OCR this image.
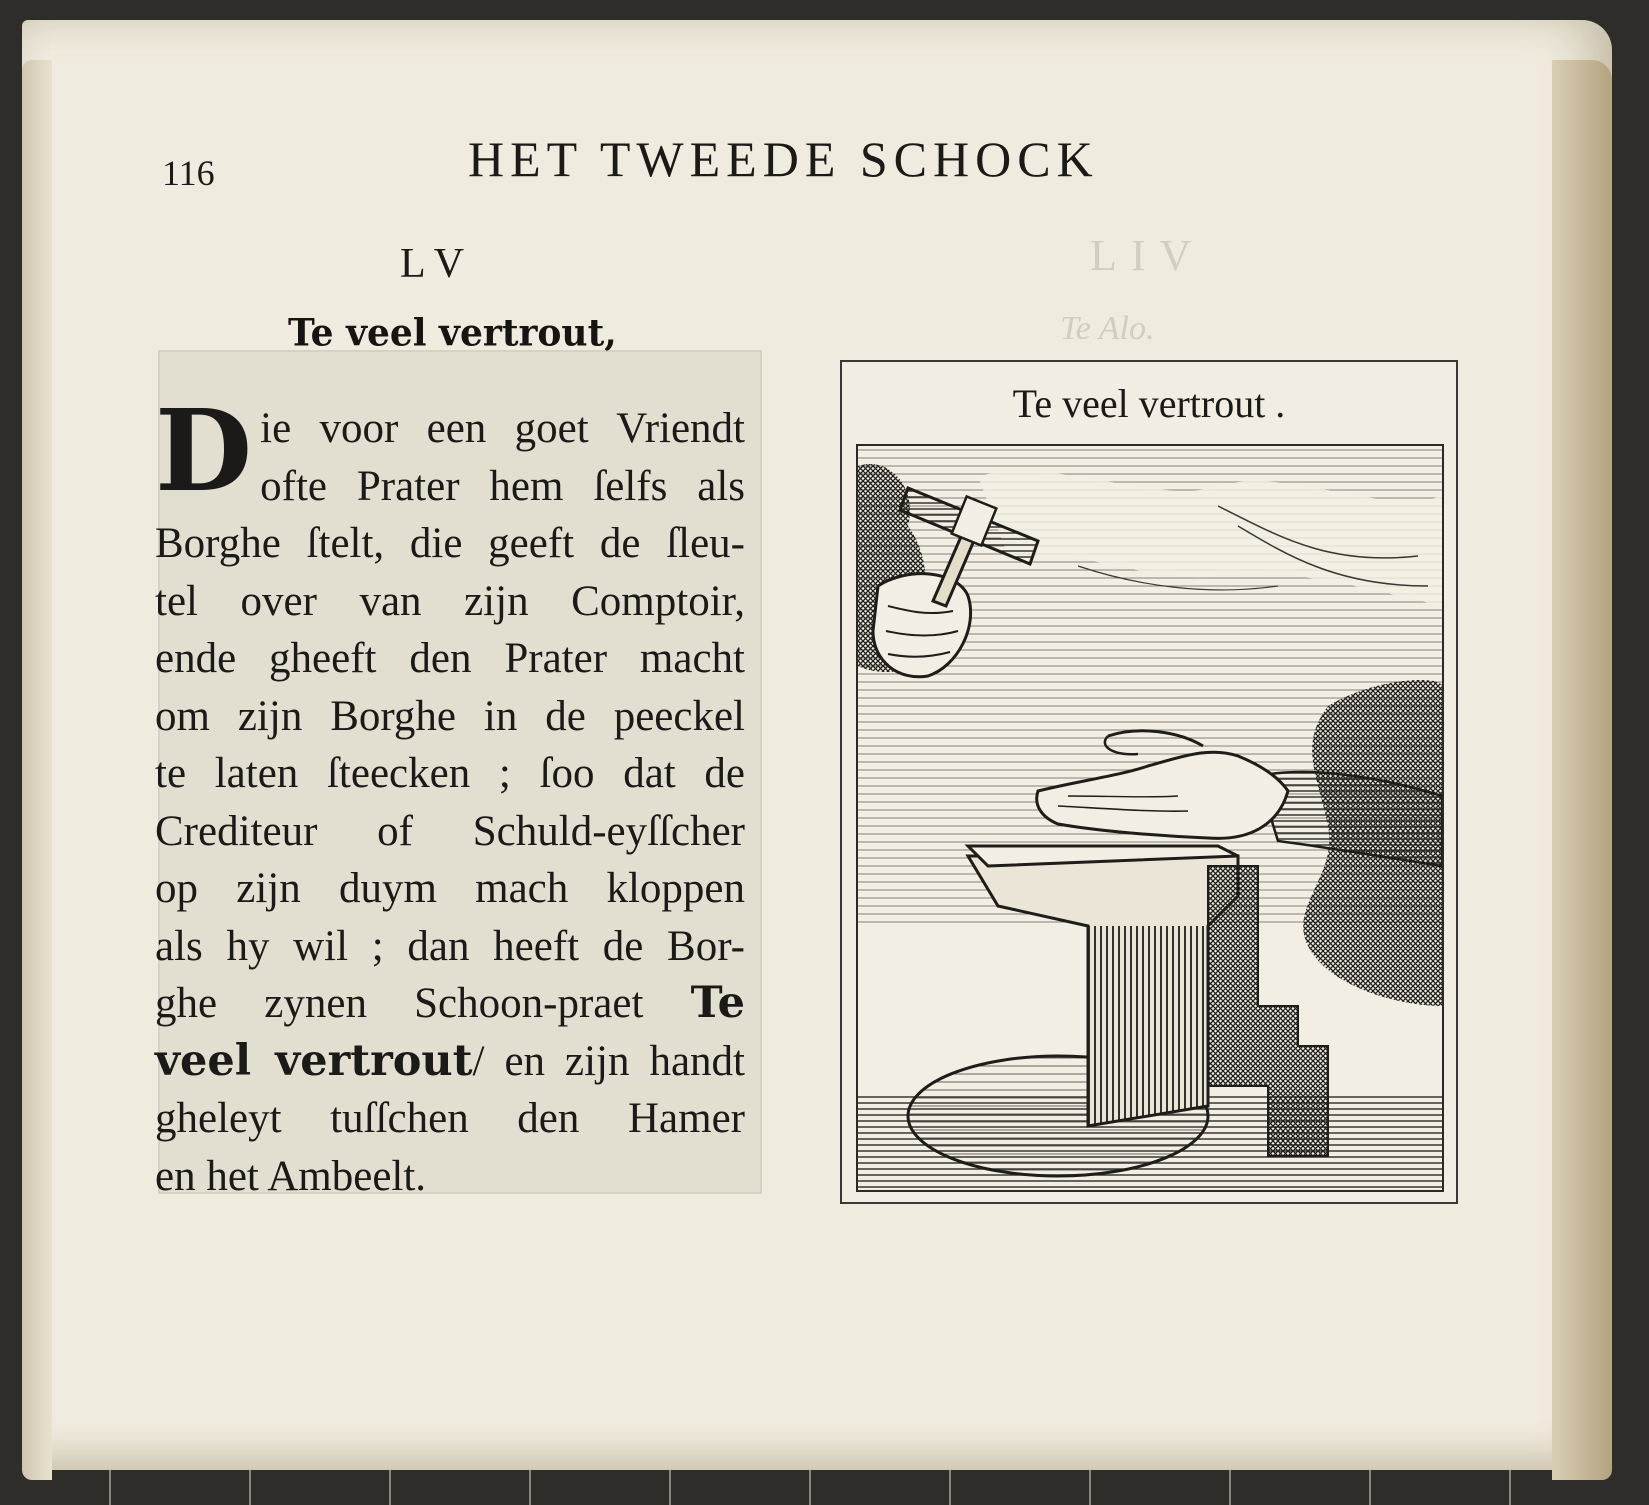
LIV
Te Alo.
116	HET TWEEDE SCHOCK
LV
Te veel vertrout,
D ie voor een goet Vriendt
ofte Prater hem ſelfs als
Borghe ſtelt, die geeft de ſleu-
tel over van zijn Comptoir,
ende gheeft den Prater macht
om zijn Borghe in de peeckel
te laten ſteecken ; ſoo dat de
Crediteur of Schuld-eyſſcher
op zijn duym mach kloppen
als hy wil ; dan heeft de Bor-
ghe zynen Schoon-praet Te
veel vertrout/ en zijn handt
gheleyt tuſſchen den Hamer
en het Ambeelt.
Te veel vertrout .
